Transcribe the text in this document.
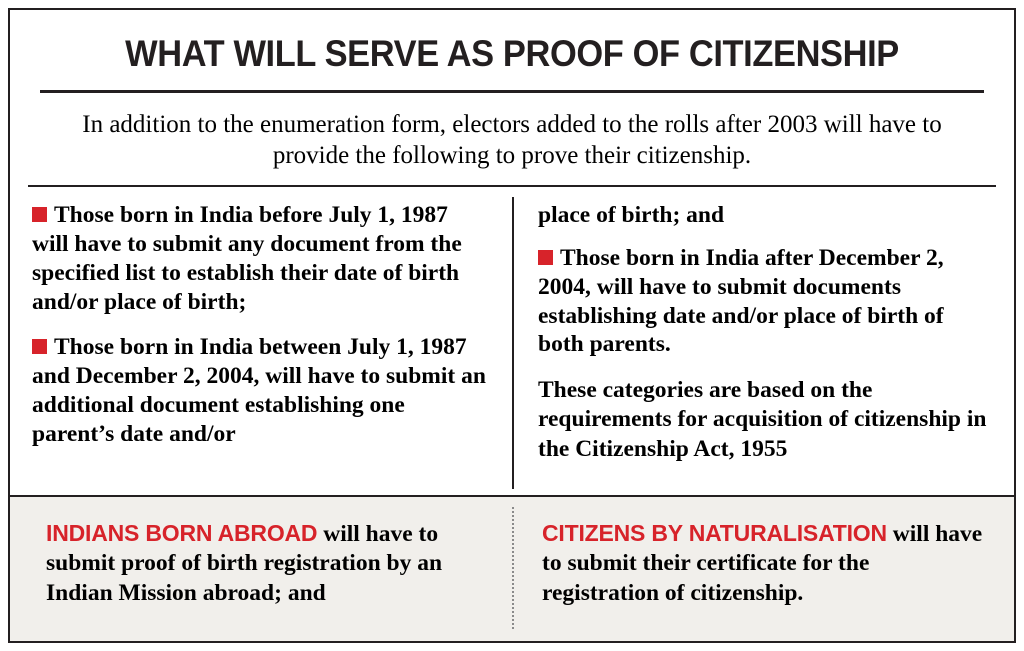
WHAT WILL SERVE AS PROOF OF CITIZENSHIP
In addition to the enumeration form, electors added to the rolls after 2003 will have to provide the following to prove their citizenship.
Those born in India before July 1, 1987 will have to submit any document from the specified list to establish their date of birth and/or place of birth;
Those born in India between July 1, 1987 and December 2, 2004, will have to submit an additional document establishing one parent’s date and/or
place of birth; and
Those born in India after December 2, 2004, will have to submit documents establishing date and/or place of birth of both parents.
These categories are based on the requirements for acquisition of citizenship in the Citizenship Act, 1955
INDIANS BORN ABROAD will have to submit proof of birth registration by an Indian Mission abroad; and
CITIZENS BY NATURALISATION will have to submit their certificate for the registration of citizenship.
